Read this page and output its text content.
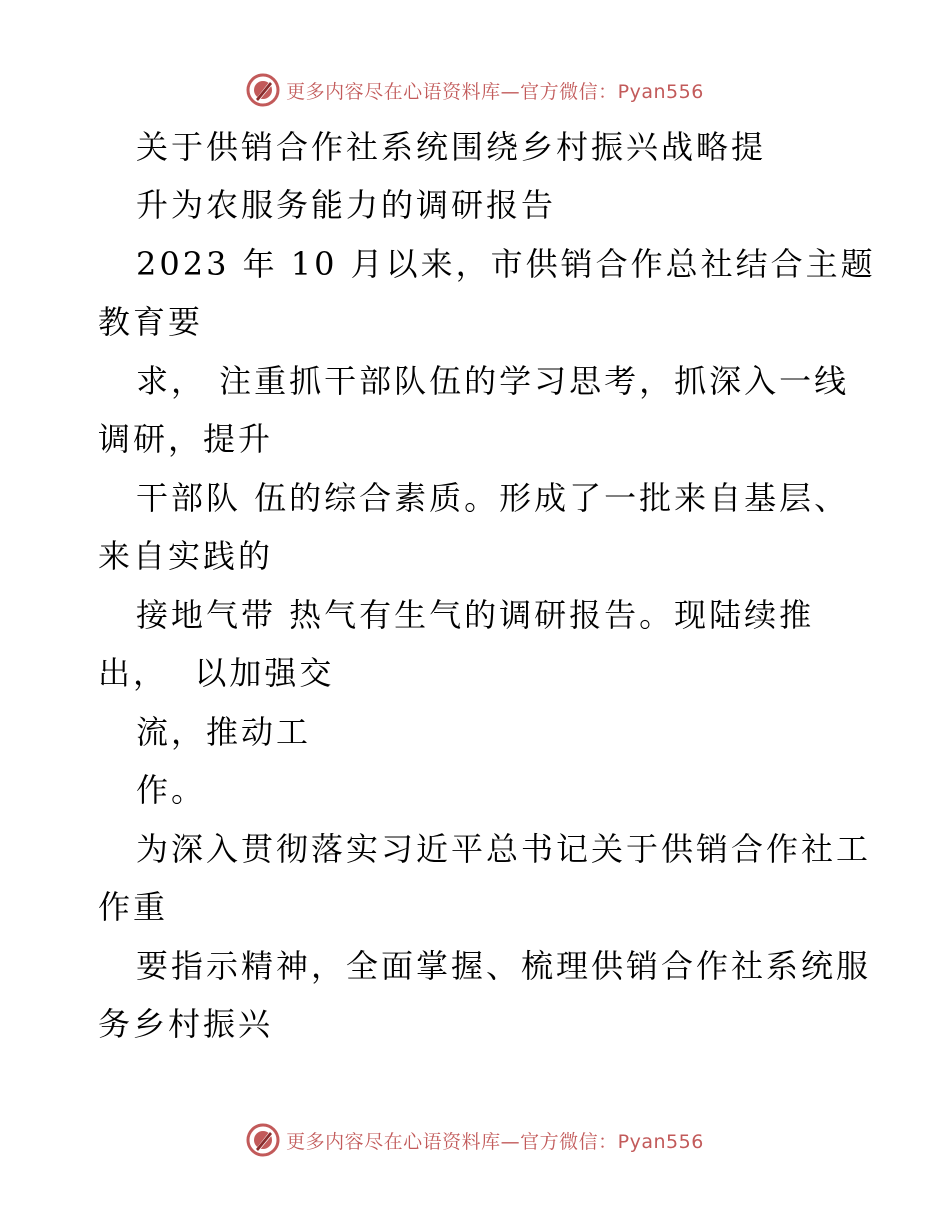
更多内容尽在心语资料库—官方微信：Pyan556
关于供销合作社系统围绕乡村振兴战略提
升为农服务能力的调研报告
2023 年 10 月以来，市供销合作总社结合主题
教育要
求， 注重抓干部队伍的学习思考，抓深入一线
调研，提升
干部队 伍的综合素质。形成了一批来自基层、
来自实践的
接地气带 热气有生气的调研报告。现陆续推
出，  以加强交
流，推动工
作。
为深入贯彻落实习近平总书记关于供销合作社工
作重
要指示精神，全面掌握、梳理供销合作社系统服
务乡村振兴
更多内容尽在心语资料库—官方微信：Pyan556
